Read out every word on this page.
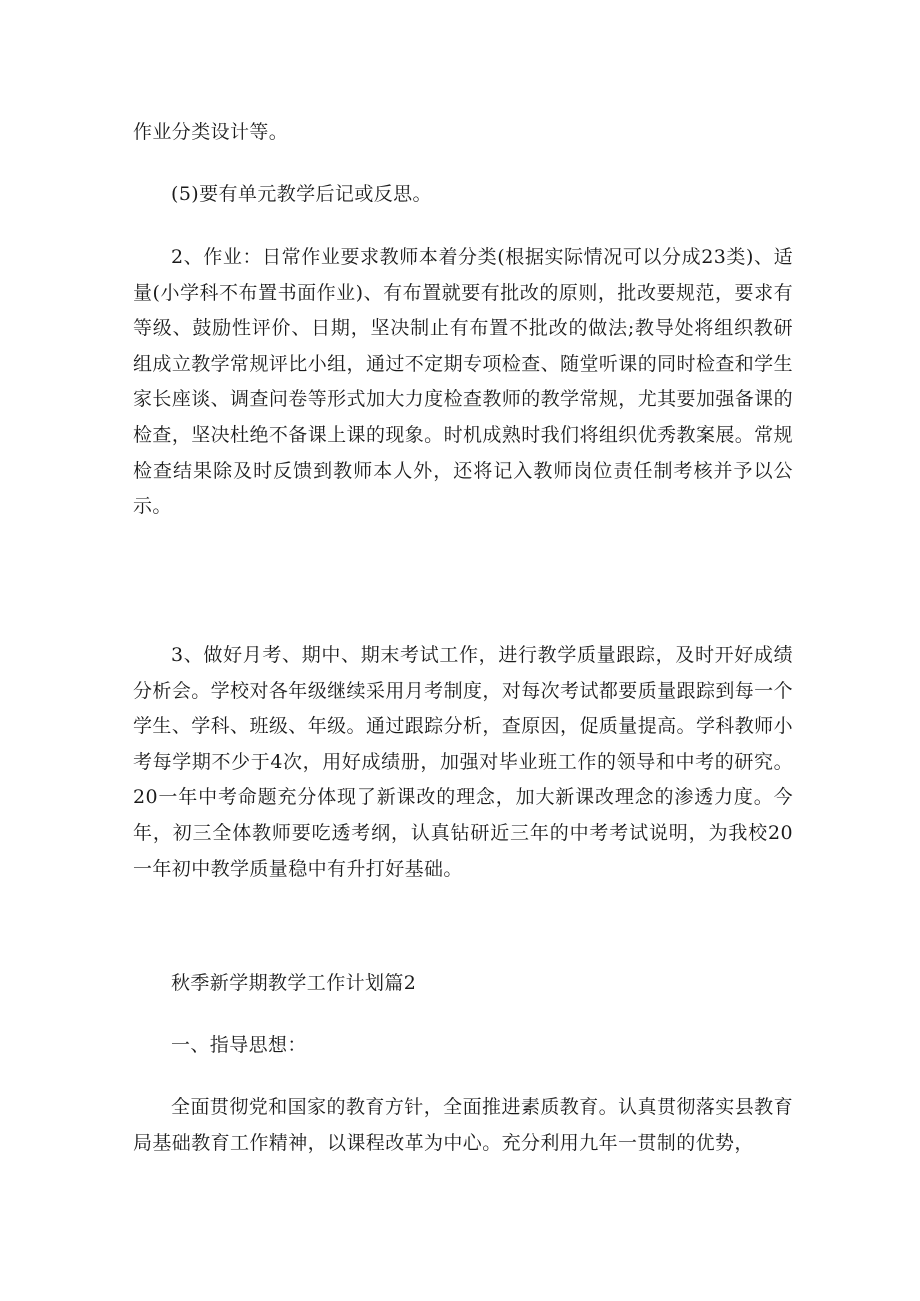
作业分类设计等。

(5)要有单元教学后记或反思。

2、作业：日常作业要求教师本着分类(根据实际情况可以分成23类)、适量(小学科不布置书面作业)、有布置就要有批改的原则，批改要规范，要求有等级、鼓励性评价、日期，坚决制止有布置不批改的做法;教导处将组织教研组成立教学常规评比小组，通过不定期专项检查、随堂听课的同时检查和学生家长座谈、调查问卷等形式加大力度检查教师的教学常规，尤其要加强备课的检查，坚决杜绝不备课上课的现象。时机成熟时我们将组织优秀教案展。常规检查结果除及时反馈到教师本人外，还将记入教师岗位责任制考核并予以公示。

3、做好月考、期中、期末考试工作，进行教学质量跟踪，及时开好成绩分析会。学校对各年级继续采用月考制度，对每次考试都要质量跟踪到每一个学生、学科、班级、年级。通过跟踪分析，查原因，促质量提高。学科教师小考每学期不少于4次，用好成绩册，加强对毕业班工作的领导和中考的研究。20一年中考命题充分体现了新课改的理念，加大新课改理念的渗透力度。今年，初三全体教师要吃透考纲，认真钻研近三年的中考考试说明，为我校20一年初中教学质量稳中有升打好基础。

秋季新学期教学工作计划篇2

一、指导思想：

全面贯彻党和国家的教育方针，全面推进素质教育。认真贯彻落实县教育局基础教育工作精神，以课程改革为中心。充分利用九年一贯制的优势，
